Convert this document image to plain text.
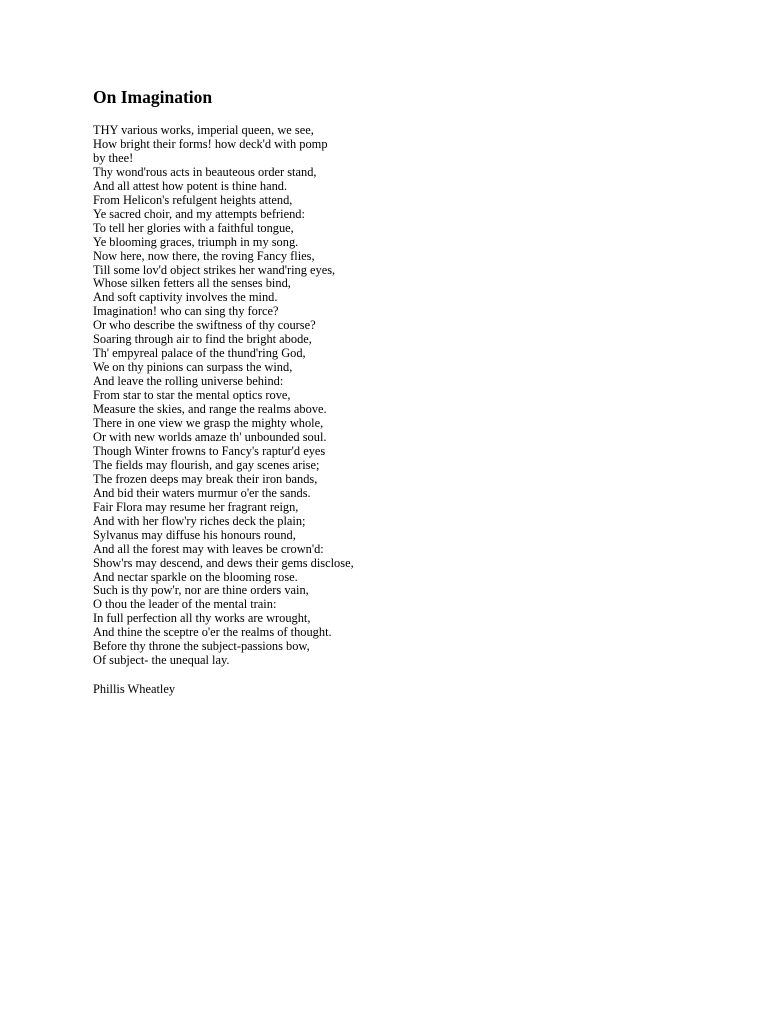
On Imagination
THY various works, imperial queen, we see,
How bright their forms! how deck'd with pomp
by thee!
Thy wond'rous acts in beauteous order stand,
And all attest how potent is thine hand.
From Helicon's refulgent heights attend,
Ye sacred choir, and my attempts befriend:
To tell her glories with a faithful tongue,
Ye blooming graces, triumph in my song.
Now here, now there, the roving Fancy flies,
Till some lov'd object strikes her wand'ring eyes,
Whose silken fetters all the senses bind,
And soft captivity involves the mind.
Imagination! who can sing thy force?
Or who describe the swiftness of thy course?
Soaring through air to find the bright abode,
Th' empyreal palace of the thund'ring God,
We on thy pinions can surpass the wind,
And leave the rolling universe behind:
From star to star the mental optics rove,
Measure the skies, and range the realms above.
There in one view we grasp the mighty whole,
Or with new worlds amaze th' unbounded soul.
Though Winter frowns to Fancy's raptur'd eyes
The fields may flourish, and gay scenes arise;
The frozen deeps may break their iron bands,
And bid their waters murmur o'er the sands.
Fair Flora may resume her fragrant reign,
And with her flow'ry riches deck the plain;
Sylvanus may diffuse his honours round,
And all the forest may with leaves be crown'd:
Show'rs may descend, and dews their gems disclose,
And nectar sparkle on the blooming rose.
Such is thy pow'r, nor are thine orders vain,
O thou the leader of the mental train:
In full perfection all thy works are wrought,
And thine the sceptre o'er the realms of thought.
Before thy throne the subject-passions bow,
Of subject- the unequal lay.
Phillis Wheatley
